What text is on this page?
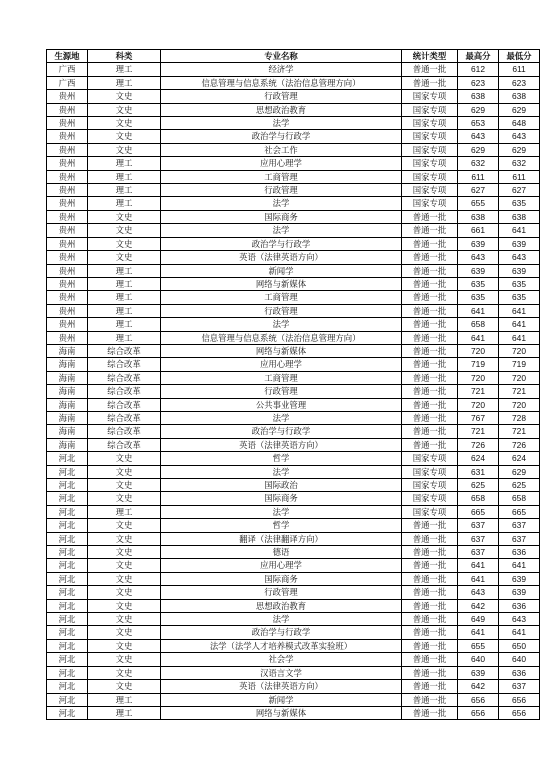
生源地	科类	专业名称	统计类型	最高分	最低分
广西	理工	经济学	普通一批	612	611
广西	理工	信息管理与信息系统（法治信息管理方向）	普通一批	623	623
贵州	文史	行政管理	国家专项	638	638
贵州	文史	思想政治教育	国家专项	629	629
贵州	文史	法学	国家专项	653	648
贵州	文史	政治学与行政学	国家专项	643	643
贵州	文史	社会工作	国家专项	629	629
贵州	理工	应用心理学	国家专项	632	632
贵州	理工	工商管理	国家专项	611	611
贵州	理工	行政管理	国家专项	627	627
贵州	理工	法学	国家专项	655	635
贵州	文史	国际商务	普通一批	638	638
贵州	文史	法学	普通一批	661	641
贵州	文史	政治学与行政学	普通一批	639	639
贵州	文史	英语（法律英语方向）	普通一批	643	643
贵州	理工	新闻学	普通一批	639	639
贵州	理工	网络与新媒体	普通一批	635	635
贵州	理工	工商管理	普通一批	635	635
贵州	理工	行政管理	普通一批	641	641
贵州	理工	法学	普通一批	658	641
贵州	理工	信息管理与信息系统（法治信息管理方向）	普通一批	641	641
海南	综合改革	网络与新媒体	普通一批	720	720
海南	综合改革	应用心理学	普通一批	719	719
海南	综合改革	工商管理	普通一批	720	720
海南	综合改革	行政管理	普通一批	721	721
海南	综合改革	公共事业管理	普通一批	720	720
海南	综合改革	法学	普通一批	767	728
海南	综合改革	政治学与行政学	普通一批	721	721
海南	综合改革	英语（法律英语方向）	普通一批	726	726
河北	文史	哲学	国家专项	624	624
河北	文史	法学	国家专项	631	629
河北	文史	国际政治	国家专项	625	625
河北	文史	国际商务	国家专项	658	658
河北	理工	法学	国家专项	665	665
河北	文史	哲学	普通一批	637	637
河北	文史	翻译（法律翻译方向）	普通一批	637	637
河北	文史	德语	普通一批	637	636
河北	文史	应用心理学	普通一批	641	641
河北	文史	国际商务	普通一批	641	639
河北	文史	行政管理	普通一批	643	639
河北	文史	思想政治教育	普通一批	642	636
河北	文史	法学	普通一批	649	643
河北	文史	政治学与行政学	普通一批	641	641
河北	文史	法学（法学人才培养模式改革实验班）	普通一批	655	650
河北	文史	社会学	普通一批	640	640
河北	文史	汉语言文学	普通一批	639	636
河北	文史	英语（法律英语方向）	普通一批	642	637
河北	理工	新闻学	普通一批	656	656
河北	理工	网络与新媒体	普通一批	656	656
